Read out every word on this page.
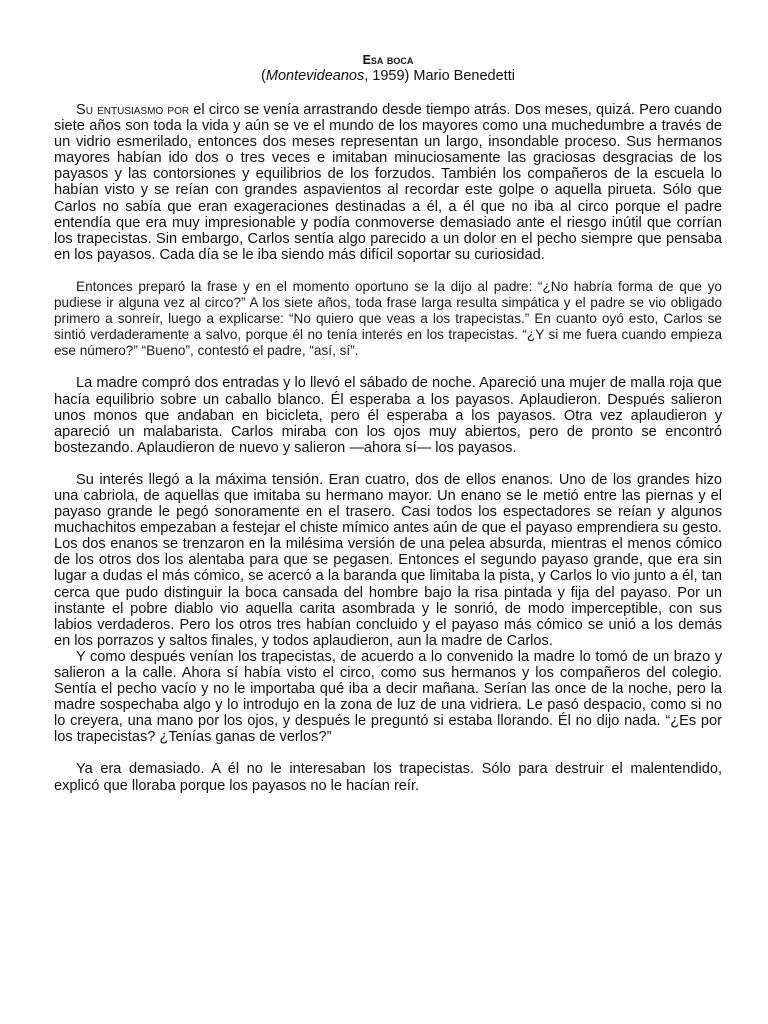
Esa boca

(Montevideanos, 1959) Mario Benedetti

Su entusiasmo por el circo se venía arrastrando desde tiempo atrás. Dos meses, quizá. Pero cuando siete años son toda la vida y aún se ve el mundo de los mayores como una muchedumbre a través de un vidrio esmerilado, entonces dos meses representan un largo, insondable proceso. Sus hermanos mayores habían ido dos o tres veces e imitaban minuciosamente las graciosas desgracias de los payasos y las contorsiones y equilibrios de los forzudos. También los compañeros de la escuela lo habían visto y se reían con grandes aspavientos al recordar este golpe o aquella pirueta. Sólo que Carlos no sabía que eran exageraciones destinadas a él, a él que no iba al circo porque el padre entendía que era muy impresionable y podía conmoverse demasiado ante el riesgo inútil que corrían los trapecistas. Sin embargo, Carlos sentía algo parecido a un dolor en el pecho siempre que pensaba en los payasos. Cada día se le iba siendo más difícil soportar su curiosidad.

Entonces preparó la frase y en el momento oportuno se la dijo al padre: “¿No habría forma de que yo pudiese ir alguna vez al circo?” A los siete años, toda frase larga resulta simpática y el padre se vio obligado primero a sonreír, luego a explicarse: “No quiero que veas a los trapecistas.” En cuanto oyó esto, Carlos se sintió verdaderamente a salvo, porque él no tenía interés en los trapecistas. “¿Y si me fuera cuando empieza ese número?” “Bueno”, contestó el padre, “así, sí”.

La madre compró dos entradas y lo llevó el sábado de noche. Apareció una mujer de malla roja que hacía equilibrio sobre un caballo blanco. Él esperaba a los payasos. Aplaudieron. Después salieron unos monos que andaban en bicicleta, pero él esperaba a los payasos. Otra vez aplaudieron y apareció un malabarista. Carlos miraba con los ojos muy abiertos, pero de pronto se encontró bostezando. Aplaudieron de nuevo y salieron —ahora sí— los payasos.

Su interés llegó a la máxima tensión. Eran cuatro, dos de ellos enanos. Uno de los grandes hizo una cabriola, de aquellas que imitaba su hermano mayor. Un enano se le metió entre las piernas y el payaso grande le pegó sonoramente en el trasero. Casi todos los espectadores se reían y algunos muchachitos empezaban a festejar el chiste mímico antes aún de que el payaso emprendiera su gesto. Los dos enanos se trenzaron en la milésima versión de una pelea absurda, mientras el menos cómico de los otros dos los alentaba para que se pegasen. Entonces el segundo payaso grande, que era sin lugar a dudas el más cómico, se acercó a la baranda que limitaba la pista, y Carlos lo vio junto a él, tan cerca que pudo distinguir la boca cansada del hombre bajo la risa pintada y fija del payaso. Por un instante el pobre diablo vio aquella carita asombrada y le sonrió, de modo imperceptible, con sus labios verdaderos. Pero los otros tres habían concluido y el payaso más cómico se unió a los demás en los porrazos y saltos finales, y todos aplaudieron, aun la madre de Carlos.

Y como después venían los trapecistas, de acuerdo a lo convenido la madre lo tomó de un brazo y salieron a la calle. Ahora sí había visto el circo, como sus hermanos y los compañeros del colegio. Sentía el pecho vacío y no le importaba qué iba a decir mañana. Serían las once de la noche, pero la madre sospechaba algo y lo introdujo en la zona de luz de una vidriera. Le pasó despacio, como si no lo creyera, una mano por los ojos, y después le preguntó si estaba llorando. Él no dijo nada. “¿Es por los trapecistas? ¿Tenías ganas de verlos?”

Ya era demasiado. A él no le interesaban los trapecistas. Sólo para destruir el malentendido, explicó que lloraba porque los payasos no le hacían reír.
